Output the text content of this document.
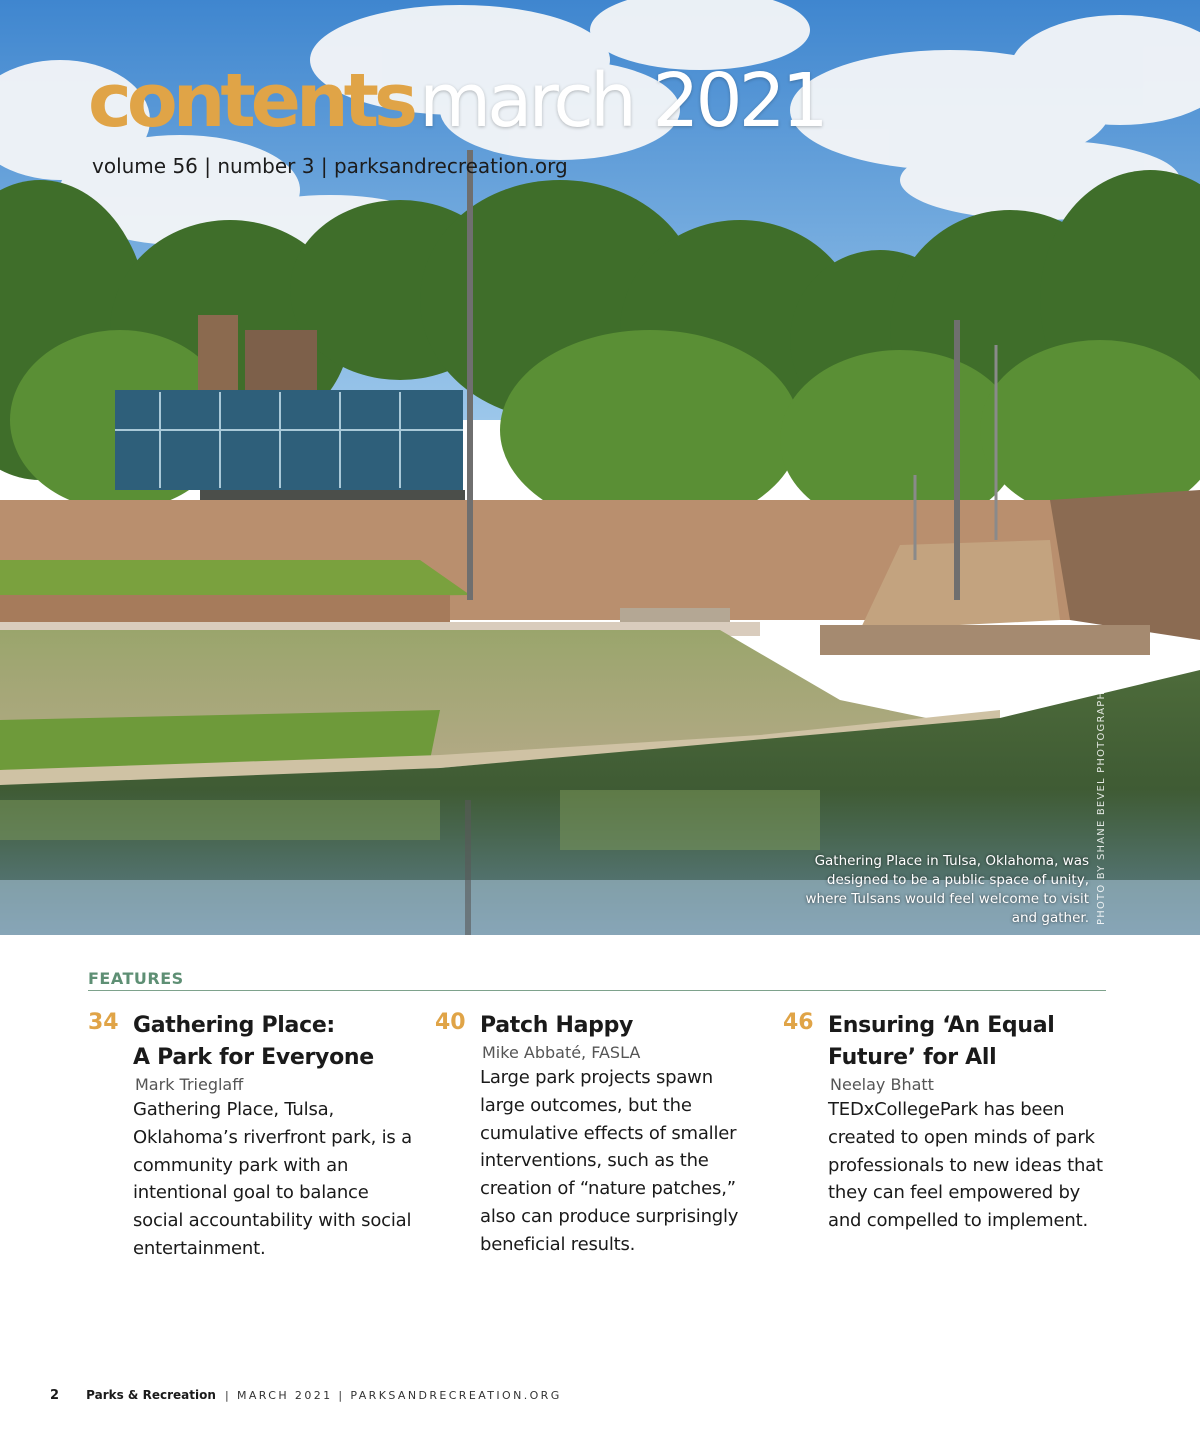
contentsmarch 2021
volume 56 | number 3 | parksandrecreation.org
Gathering Place in Tulsa, Oklahoma, was designed to be a public space of unity, where Tulsans would feel welcome to visit and gather. PHOTO BY SHANE BEVEL PHOTOGRAPHY
FEATURES
34 Gathering Place:
A Park for Everyone
Mark Trieglaff
Gathering Place, Tulsa, Oklahoma’s riverfront park, is a community park with an intentional goal to balance social accountability with social entertainment.
40 Patch Happy
Mike Abbaté, FASLA
Large park projects spawn large outcomes, but the cumulative effects of smaller interventions, such as the creation of “nature patches,” also can produce surprisingly beneficial results.
46 Ensuring ‘An Equal
Future’ for All
Neelay Bhatt
TEDxCollegePark has been created to open minds of park professionals to new ideas that they can feel empowered by and compelled to implement.
2 Parks & Recreation | MARCH 2021 | PARKSANDRECREATION.ORG
